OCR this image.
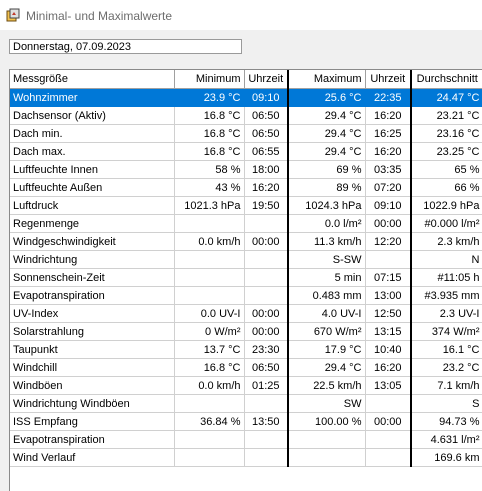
Minimal- und Maximalwerte
Donnerstag, 07.09.2023
Messgröße	Minimum	Uhrzeit	Maximum	Uhrzeit	Durchschnitt
Wohnzimmer	23.9 °C	09:10	25.6 °C	22:35	24.47 °C
Dachsensor (Aktiv)	16.8 °C	06:50	29.4 °C	16:20	23.21 °C
Dach min.	16.8 °C	06:50	29.4 °C	16:25	23.16 °C
Dach max.	16.8 °C	06:55	29.4 °C	16:20	23.25 °C
Luftfeuchte Innen	58 %	18:00	69 %	03:35	65 %
Luftfeuchte Außen	43 %	16:20	89 %	07:20	66 %
Luftdruck	1021.3 hPa	19:50	1024.3 hPa	09:10	1022.9 hPa
Regenmenge			0.0 l/m²	00:00	#0.000 l/m²
Windgeschwindigkeit	0.0 km/h	00:00	11.3 km/h	12:20	2.3 km/h
Windrichtung			S-SW		N
Sonnenschein-Zeit			5 min	07:15	#11:05 h
Evapotranspiration			0.483 mm	13:00	#3.935 mm
UV-Index	0.0 UV-I	00:00	4.0 UV-I	12:50	2.3 UV-I
Solarstrahlung	0 W/m²	00:00	670 W/m²	13:15	374 W/m²
Taupunkt	13.7 °C	23:30	17.9 °C	10:40	16.1 °C
Windchill	16.8 °C	06:50	29.4 °C	16:20	23.2 °C
Windböen	0.0 km/h	01:25	22.5 km/h	13:05	7.1 km/h
Windrichtung Windböen			SW		S
ISS Empfang	36.84 %	13:50	100.00 %	00:00	94.73 %
Evapotranspiration					4.631 l/m²
Wind Verlauf					169.6 km
